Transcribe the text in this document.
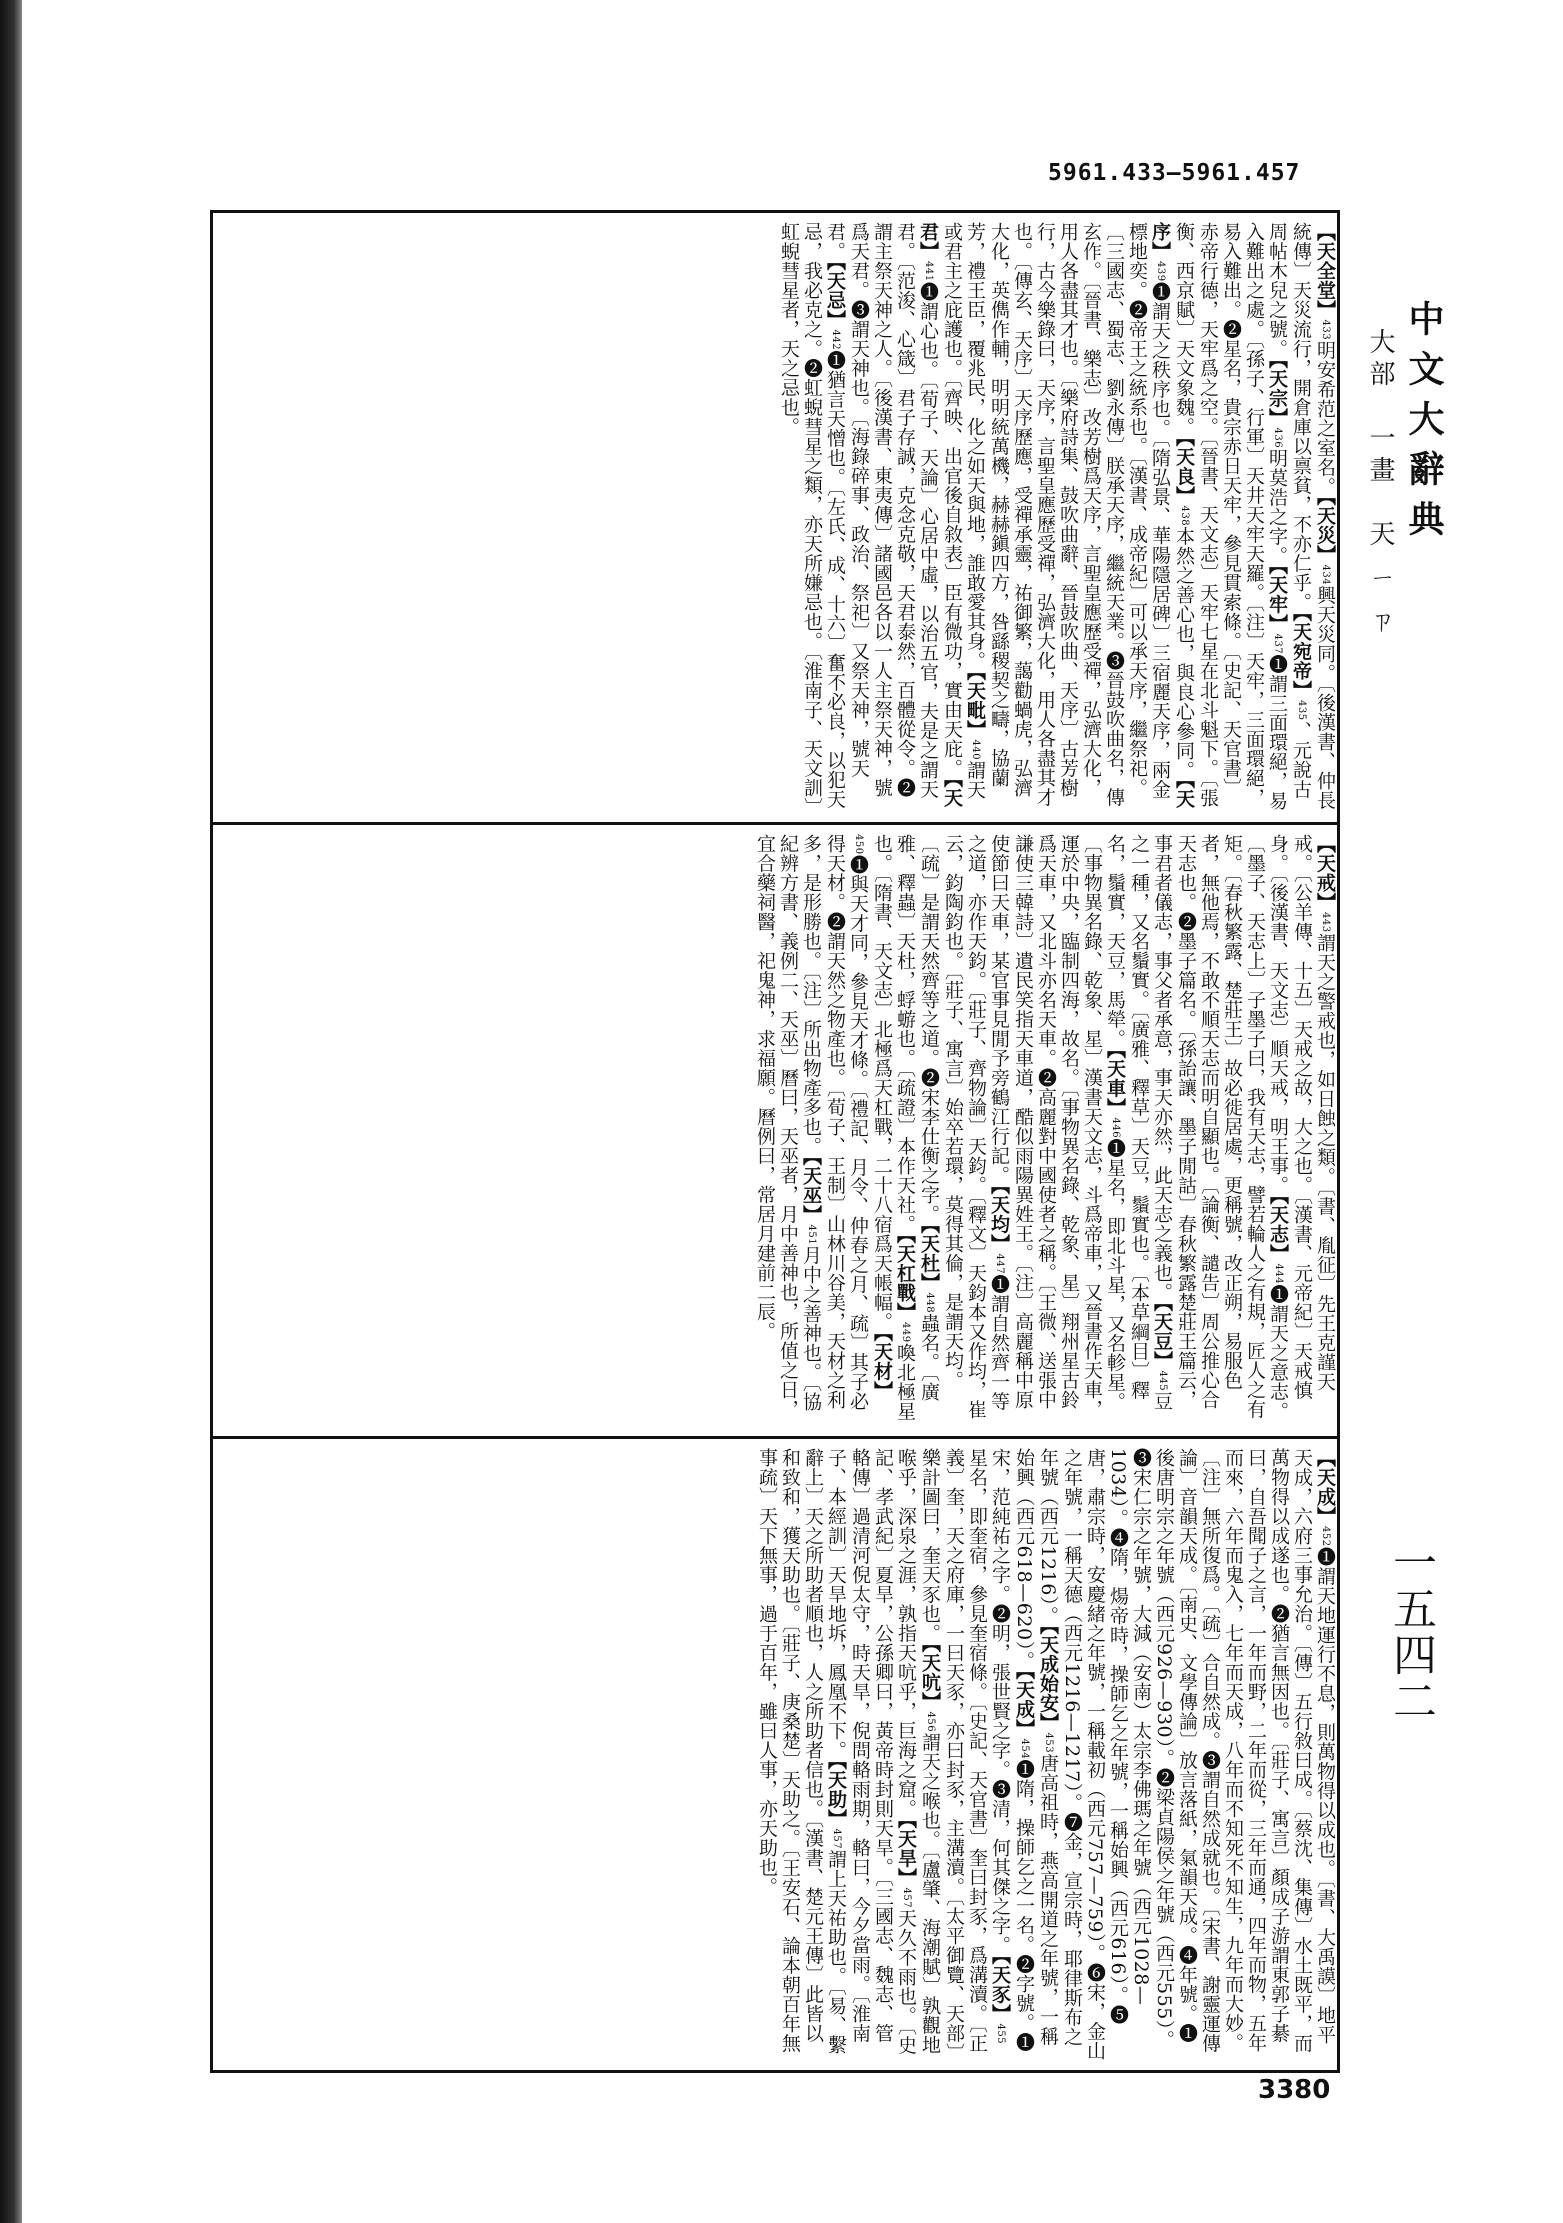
5961.433—5961.457
【天全堂】433明安希范之室名。【天災】434興天災同。〔後漢書、仲長統傳〕天災流行，開倉庫以禀貧，不亦仁乎。【天宛帝】435、元說古周帖木兒之號。【天宗】436明莫浩之字。【天牢】437❶謂三面環絕，易入難出之處。〔孫子、行軍〕天井天牢天羅。〔注〕天牢，三面環絕，易入難出。❷星名，貴宗赤日天牢，參見貫索條。〔史記、天官書〕赤帝行德，天牢爲之空。〔晉書、天文志〕天牢七星在北斗魁下。〔張衡、西京賦〕天文象魏。【天良】438本然之善心也，與良心參同。【天序】439❶謂天之秩序也。〔隋弘景、華陽隱居碑〕三宿麗天序，兩金標地奕。❷帝王之統系也。〔漢書、成帝紀〕可以承天序，繼祭祀。〔三國志、蜀志、劉永傳〕朕承天序，繼統天業。❸晉鼓吹曲名，傳玄作。〔晉書、樂志〕改芳樹爲天序，言聖皇應歷受禪，弘濟大化，用人各盡其才也。〔樂府詩集、鼓吹曲辭、晉鼓吹曲、天序〕古芳樹行，古今樂錄曰，天序，言聖皇應歷受禪，弘濟大化，用人各盡其才也。〔傳玄、天序〕天序歷應，受禪承靈，祐御繁，藹勸蝸虎，弘濟大化，英儁作輔，明明統萬機，赫赫鎭四方，咎繇稷契之疇，協蘭芳，禮王臣，覆兆民，化之如天與地，誰敢愛其身。【天毗】440謂天或君主之庇護也。〔齊映、出官後自敘表〕臣有微功，實由天庇。【天君】441❶謂心也。〔荀子、天論〕心居中虛，以治五官，夫是之謂天君。〔范浚、心箴〕君子存誠，克念克敬，天君泰然，百體從令。❷謂主祭天神之人。〔後漢書、東夷傳〕諸國邑各以一人主祭天神，號爲天君。❸謂天神也。〔海錄碎事、政治、祭祀〕又祭天神，號天君。【天忌】442❶猶言天憎也。〔左氏、成、十六〕奮不必良，以犯天忌，我必克之。❷虹蜺彗星之類，亦天所嫌忌也。〔淮南子、天文訓〕虹蜺彗星者，天之忌也。
【天戒】443謂天之警戒也，如日蝕之類。〔書、胤征〕先王克謹天戒。〔公羊傳、十五〕天戒之故，大之也。〔漢書、元帝紀〕天戒慎身。〔後漢書、天文志〕順天戒，明王事。【天志】444❶謂天之意志。〔墨子、天志上〕子墨子曰，我有天志，譬若輪人之有規，匠人之有矩。〔春秋繁露、楚莊王〕故必徙居處，更稱號，改正朔，易服色者，無他焉，不敢不順天志而明自顯也。〔論衡、譴告〕周公推心合天志也。❷墨子篇名。〔孫詒讓、墨子閒詁〕春秋繁露楚莊王篇云，事君者儀志，事父者承意，事天亦然，此天志之義也。【天豆】445豆之一種，又名鬚實。〔廣雅、釋草〕天豆，鬚實也。〔本草綱目〕釋名，鬚實，天豆，馬犖。【天車】446❶星名，即北斗星，又名軫星。〔事物異名錄、乾象、星〕漢書天文志，斗爲帝車，又晉書作天車，運於中央，臨制四海，故名。〔事物異名錄、乾象、星〕翔州星古鈴爲天車，又北斗亦名天車。❷高麗對中國使者之稱。〔王微、送張中謙使三韓詩〕遺民笑指天車道，酷似雨陽異姓王。〔注〕高麗稱中原使節曰天車，某官事見閒予旁鶴江行記。【天均】447❶謂自然齊一等之道，亦作天鈞。〔莊子、齊物論〕天鈞。〔釋文〕天鈞本又作均，崔云，鈞陶鈞也。〔莊子、寓言〕始卒若環，莫得其倫，是謂天均。〔疏〕是謂天然齊等之道。❷宋李仕衡之字。【天杜】448蟲名。〔廣雅、釋蟲〕天杜，蜉蝣也。〔疏證〕本作天社。【天杠戰】449喚北極星也。〔隋書、天文志〕北極爲天杠戰，二十八宿爲天帳幅。【天材】450❶與天才同，參見天才條。〔禮記、月令、仲春之月、疏〕其子必得天材。❷謂天然之物產也。〔荀子、王制〕山林川谷美，天材之利多，是形勝也。〔注〕所出物產多也。【天巫】451月中之善神也。〔協紀辨方書、義例二、天巫〕曆曰，天巫者，月中善神也，所值之日，宜合藥祠醫，祀鬼神，求福願。曆例曰，常居月建前二辰。
【天成】452❶謂天地運行不息，則萬物得以成也。〔書、大禹謨〕地平天成，六府三事允治。〔傳〕五行敘曰成。〔蔡沈、集傳〕水土既平，而萬物得以成遂也。❷猶言無因也。〔莊子、寓言〕顏成子游謂東郭子綦曰，自吾聞子之言，一年而野，二年而從，三年而通，四年而物，五年而來，六年而鬼入，七年而天成，八年而不知死不知生，九年而大妙。〔注〕無所復爲。〔疏〕合自然成。❸謂自然成就也。〔宋書、謝靈運傳論〕音韻天成。〔南史、文學傳論〕放言落紙，氣韻天成。❹年號。❶後唐明宗之年號（西元926—930）。❷梁貞陽侯之年號（西元555）。❸宋仁宗之年號，大減（安南）太宗李佛瑪之年號（西元1028—1034）。❹隋，煬帝時，操師乞之年號，一稱始興（西元616）。❺唐，肅宗時，安慶緒之年號，一稱載初（西元757—759）。❻宋，金山之年號，一稱天德（西元1216—1217）。❼金，宣宗時，耶律斯布之年號（西元1216）。【天成始安】453唐高祖時，燕高開道之年號，一稱始興（西元618—620）。【天成】454❶隋，操師乞之一名。❷字號。❶宋，范純祐之字。❷明，張世賢之字。❸清，何其傑之字。【天豕】455星名，即奎宿，參見奎宿條。〔史記、天官書〕奎曰封豕，爲溝瀆。〔正義〕奎，天之府庫，一曰天豕，亦曰封豕，主溝瀆。〔太平御覽、天部〕樂計圖曰，奎天豕也。【天吭】456謂天之喉也。〔盧肇、海潮賦〕孰觀地喉乎，深泉之涯，孰指天吭乎，巨海之窟。【天旱】457天久不雨也。〔史記、孝武紀〕夏旱，公孫卿曰，黃帝時封則天旱。〔三國志、魏志、管輅傳〕過清河倪太守，時天旱，倪問輅雨期，輅曰，今夕當雨。〔淮南子、本經訓〕天旱地坼，鳳凰不下。【天助】457謂上天祐助也。〔易、繫辭上〕天之所助者順也，人之所助者信也。〔漢書、楚元王傳〕此皆以和致和，獲天助也。〔莊子、庚桑楚〕天助之。〔王安石、論本朝百年無事疏〕天下無事，過于百年，雖曰人事，亦天助也。
中文大辭典
大部　一畫　天 ㄧ ㄗ
一五四二
3380
